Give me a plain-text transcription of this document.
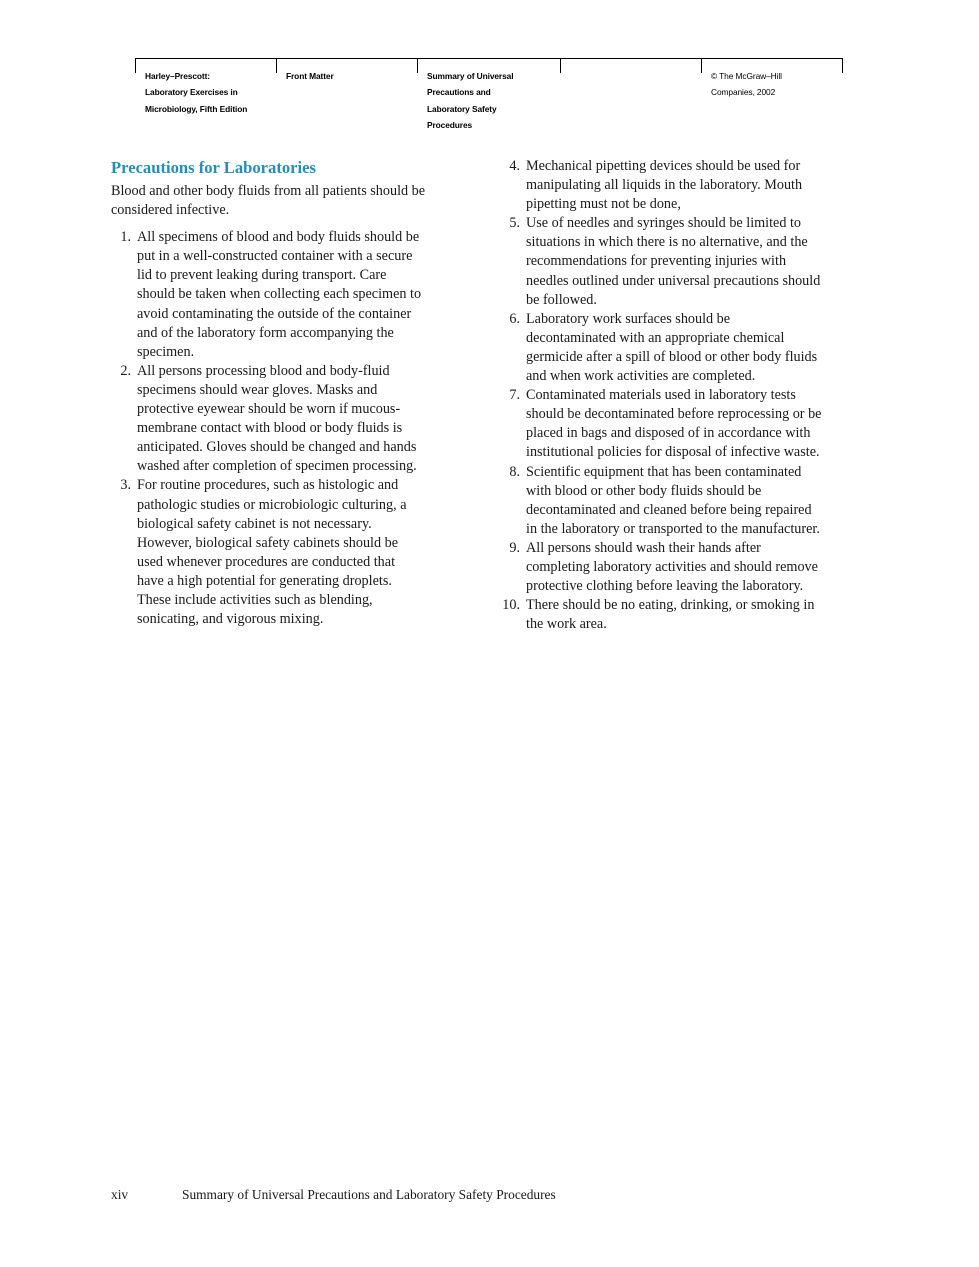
Harley–Prescott:
Laboratory Exercises in
Microbiology, Fifth Edition
Front Matter	Summary of Universal
Precautions and
Laboratory Safety
Procedures
© The McGraw–Hill
Companies, 2002
Precautions for Laboratories

Blood and other body fluids from all patients should be
considered infective.

1. All specimens of blood and body fluids should be
put in a well-constructed container with a secure
lid to prevent leaking during transport. Care
should be taken when collecting each specimen to
avoid contaminating the outside of the container
and of the laboratory form accompanying the
specimen.
2. All persons processing blood and body-fluid
specimens should wear gloves. Masks and
protective eyewear should be worn if mucous-
membrane contact with blood or body fluids is
anticipated. Gloves should be changed and hands
washed after completion of specimen processing.
3. For routine procedures, such as histologic and
pathologic studies or microbiologic culturing, a
biological safety cabinet is not necessary.
However, biological safety cabinets should be
used whenever procedures are conducted that
have a high potential for generating droplets.
These include activities such as blending,
sonicating, and vigorous mixing.
4. Mechanical pipetting devices should be used for
manipulating all liquids in the laboratory. Mouth
pipetting must not be done,
5. Use of needles and syringes should be limited to
situations in which there is no alternative, and the
recommendations for preventing injuries with
needles outlined under universal precautions should
be followed.
6. Laboratory work surfaces should be
decontaminated with an appropriate chemical
germicide after a spill of blood or other body fluids
and when work activities are completed.
7. Contaminated materials used in laboratory tests
should be decontaminated before reprocessing or be
placed in bags and disposed of in accordance with
institutional policies for disposal of infective waste.
8. Scientific equipment that has been contaminated
with blood or other body fluids should be
decontaminated and cleaned before being repaired
in the laboratory or transported to the manufacturer.
9. All persons should wash their hands after
completing laboratory activities and should remove
protective clothing before leaving the laboratory.
10. There should be no eating, drinking, or smoking in
the work area.
xiv	Summary of Universal Precautions and Laboratory Safety Procedures
